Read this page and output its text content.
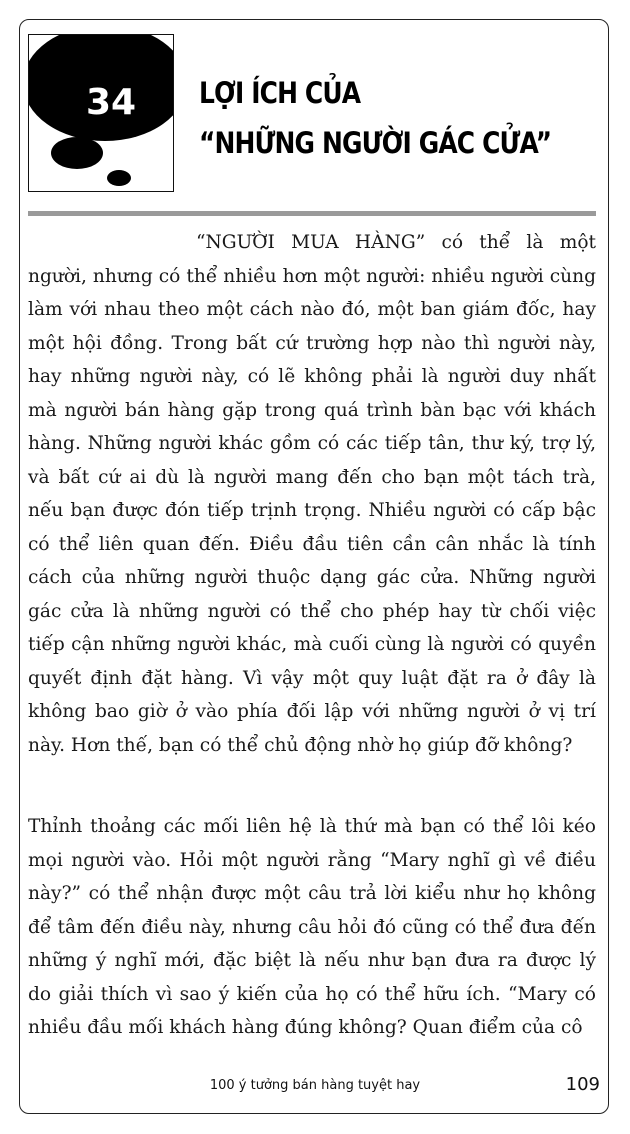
34 LỢI ÍCH CỦA
“NHỮNG NGƯỜI GÁC CỬA”
“NGƯỜI MUA HÀNG” có thể là một người, nhưng có thể nhiều hơn một người: nhiều người cùng làm với nhau theo một cách nào đó, một ban giám đốc, hay một hội đồng. Trong bất cứ trường hợp nào thì người này, hay những người này, có lẽ không phải là người duy nhất mà người bán hàng gặp trong quá trình bàn bạc với khách hàng. Những người khác gồm có các tiếp tân, thư ký, trợ lý, và bất cứ ai dù là người mang đến cho bạn một tách trà, nếu bạn được đón tiếp trịnh trọng. Nhiều người có cấp bậc có thể liên quan đến. Điều đầu tiên cần cân nhắc là tính cách của những người thuộc dạng gác cửa. Những người gác cửa là những người có thể cho phép hay từ chối việc tiếp cận những người khác, mà cuối cùng là người có quyền quyết định đặt hàng. Vì vậy một quy luật đặt ra ở đây là không bao giờ ở vào phía đối lập với những người ở vị trí này. Hơn thế, bạn có thể chủ động nhờ họ giúp đỡ không?
Thỉnh thoảng các mối liên hệ là thứ mà bạn có thể lôi kéo mọi người vào. Hỏi một người rằng “Mary nghĩ gì về điều này?” có thể nhận được một câu trả lời kiểu như họ không để tâm đến điều này, nhưng câu hỏi đó cũng có thể đưa đến những ý nghĩ mới, đặc biệt là nếu như bạn đưa ra được lý do giải thích vì sao ý kiến của họ có thể hữu ích. “Mary có nhiều đầu mối khách hàng đúng không? Quan điểm của cô
100 ý tưởng bán hàng tuyệt hay	109
